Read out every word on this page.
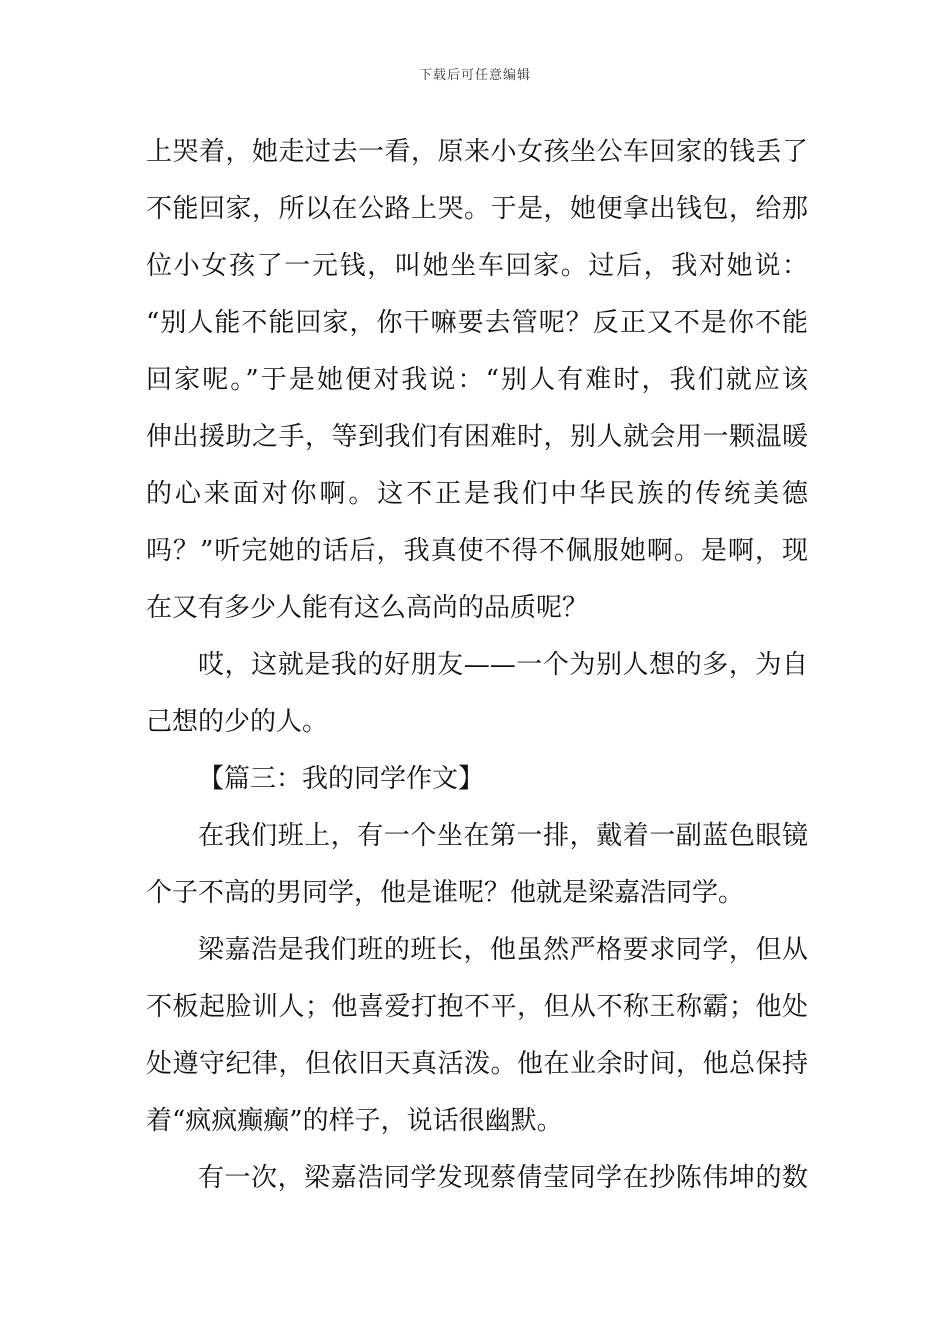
下载后可任意编辑
上哭着，她走过去一看，原来小女孩坐公车回家的钱丢了
不能回家，所以在公路上哭。于是，她便拿出钱包，给那
位小女孩了一元钱，叫她坐车回家。过后，我对她说：
“别人能不能回家，你干嘛要去管呢？反正又不是你不能
回家呢。”于是她便对我说：“别人有难时，我们就应该
伸出援助之手，等到我们有困难时，别人就会用一颗温暖
的心来面对你啊。这不正是我们中华民族的传统美德
吗？”听完她的话后，我真使不得不佩服她啊。是啊，现
在又有多少人能有这么高尚的品质呢？
哎，这就是我的好朋友——一个为别人想的多，为自
己想的少的人。
【篇三：我的同学作文】
在我们班上，有一个坐在第一排，戴着一副蓝色眼镜
个子不高的男同学，他是谁呢？他就是梁嘉浩同学。
梁嘉浩是我们班的班长，他虽然严格要求同学，但从
不板起脸训人；他喜爱打抱不平，但从不称王称霸；他处
处遵守纪律，但依旧天真活泼。他在业余时间，他总保持
着“疯疯癫癫”的样子，说话很幽默。
有一次，梁嘉浩同学发现蔡倩莹同学在抄陈伟坤的数
